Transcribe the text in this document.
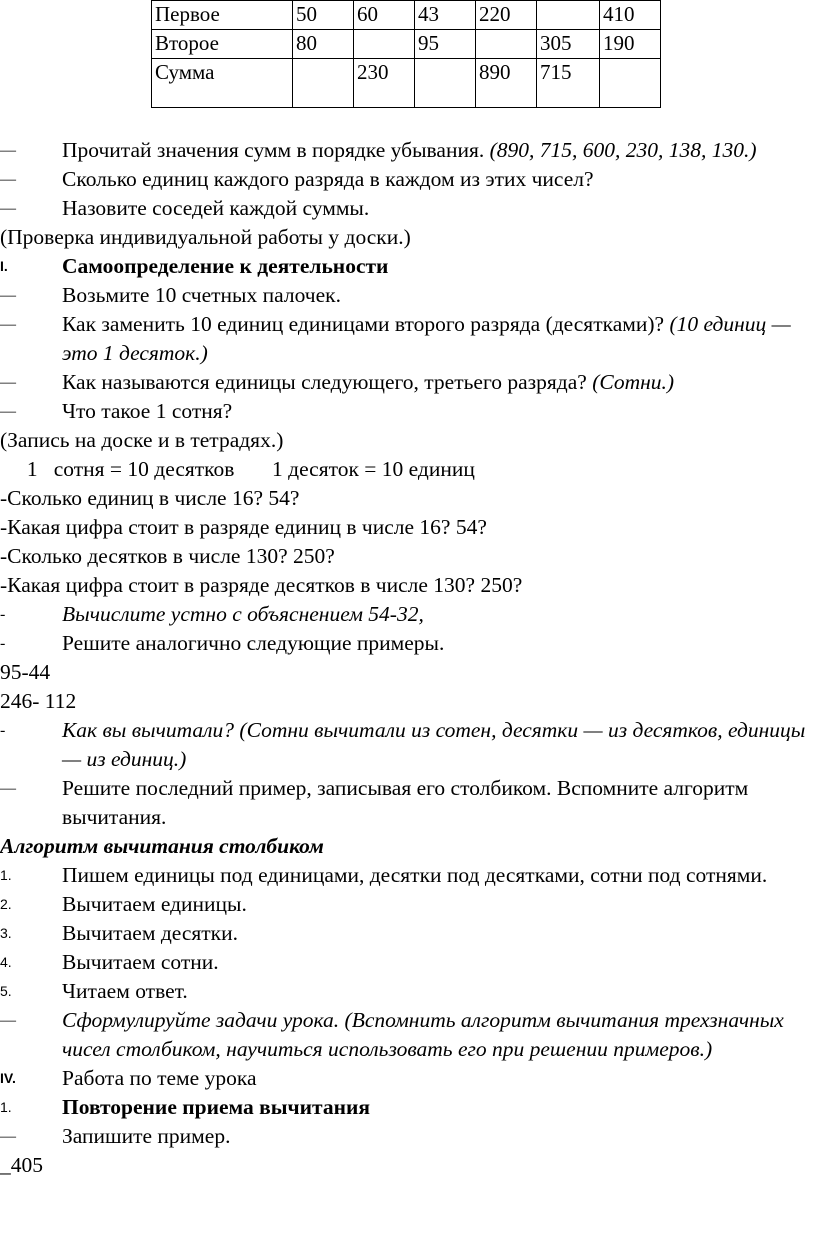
Первое	50	60	43	220		410
Второе	80		95		305	190
Сумма		230		890	715	
— Прочитай значения сумм в порядке убывания. (890, 715, 600, 230, 138, 130.)
— Сколько единиц каждого разряда в каждом из этих чисел?
— Назовите соседей каждой суммы.
(Проверка индивидуальной работы у доски.)
I.	Самоопределение к деятельности
— Возьмите 10 счетных палочек.
— Как заменить 10 единиц единицами второго разряда (десятками)? (10 единиц — это 1 десяток.)
— Как называются единицы следующего, третьего разряда? (Сотни.)
— Что такое 1 сотня?
(Запись на доске и в тетрадях.)
1   сотня = 10 десятков       1 десяток = 10 единиц
-Сколько единиц в числе 16? 54?
-Какая цифра стоит в разряде единиц в числе 16? 54?
-Сколько десятков в числе 130? 250?
-Какая цифра стоит в разряде десятков в числе 130? 250?
-	Вычислите устно с объяснением 54-32,
-	Решите аналогично следующие примеры.
95-44
246- 112
-	Как вы вычитали? (Сотни вычитали из сотен, десятки — из десятков, единицы — из единиц.)
— Решите последний пример, записывая его столбиком. Вспомните алгоритм вычитания.
Алгоритм вычитания столбиком
1. Пишем единицы под единицами, десятки под десятками, сотни под сотнями.
2. Вычитаем единицы.
3. Вычитаем десятки.
4. Вычитаем сотни.
5. Читаем ответ.
— Сформулируйте задачи урока. (Вспомнить алгоритм вычитания трехзначных чисел столбиком, научиться использовать его при решении примеров.)
IV. Работа по теме урока
1. Повторение приема вычитания
— Запишите пример.
_405
